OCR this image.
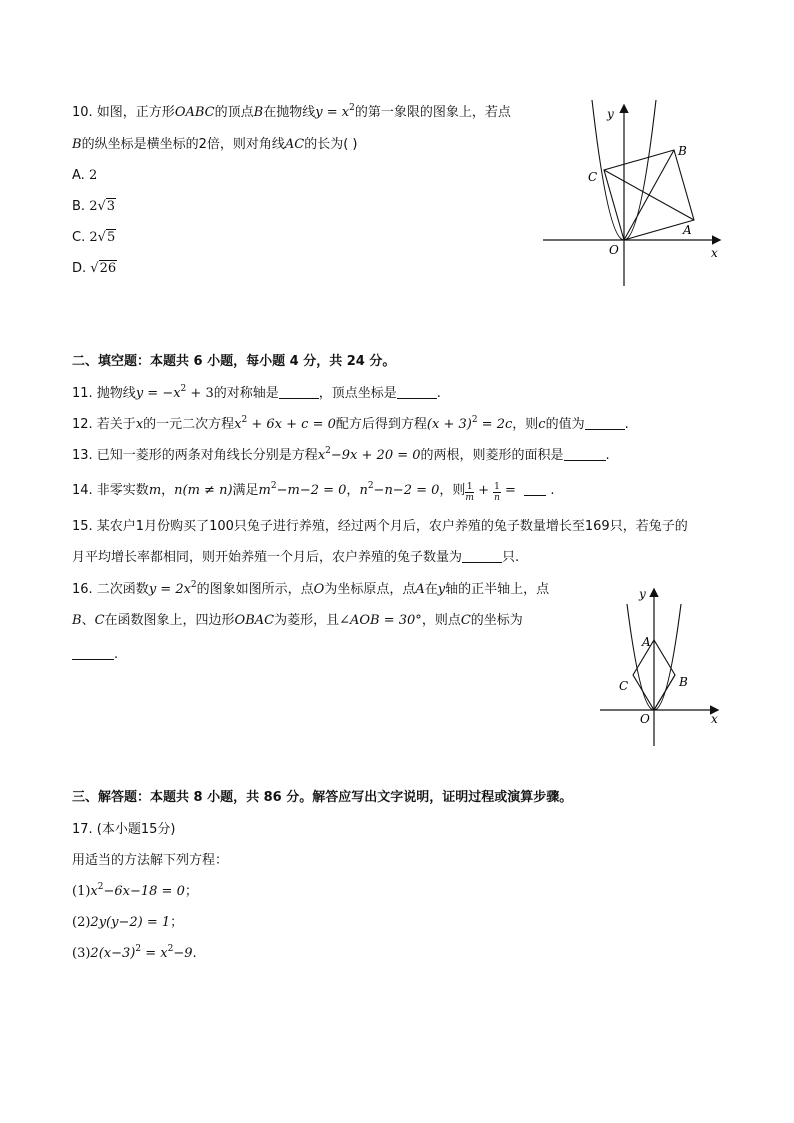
10. 如图，正方形OABC的顶点B在抛物线$y = x^2$的第一象限的图象上，若点
B的纵坐标是横坐标的2倍，则对角线AC的长为( )
A. 2
B. 2√3
C. 2√5
D. √26
y
x
O
A
B
C
二、填空题：本题共 6 小题，每小题 4 分，共 24 分。
11. 抛物线$y = -x^2 + 3$的对称轴是	，顶点坐标是	.
12. 若关于x的一元二次方程$x^2 + 6x + c = 0$配方后得到方程$(x + 3)^2 = 2c$，则c的值为	.
13. 已知一菱形的两条对角线长分别是方程$x^2-9x + 20 = 0$的两根，则菱形的面积是	.
14. 非零实数m，n(m ≠ n)满足$m^2-m-2 = 0$，$n^2-n-2 = 0$，则 $\frac{1}{m} + \frac{1}{n}$ =   .
15. 某农户1月份购买了100只兔子进行养殖，经过两个月后，农户养殖的兔子数量增长至169只，若兔子的
月平均增长率都相同，则开始养殖一个月后，农户养殖的兔子数量为	只.
16. 二次函数$y = 2x^2$的图象如图所示，点O为坐标原点，点A在y轴的正半轴上，点
B、C在函数图象上，四边形OBAC为菱形，且∠AOB = 30°，则点C的坐标为
.
y
x
O
A
B
C
三、解答题：本题共 8 小题，共 86 分。解答应写出文字说明，证明过程或演算步骤。
17. (本小题15分)
用适当的方法解下列方程：
$(1)x^2-6x-18 = 0$；
(2)2y(y−2) = 1；
$(3)2(x-3)^2 = x^2-9$.
